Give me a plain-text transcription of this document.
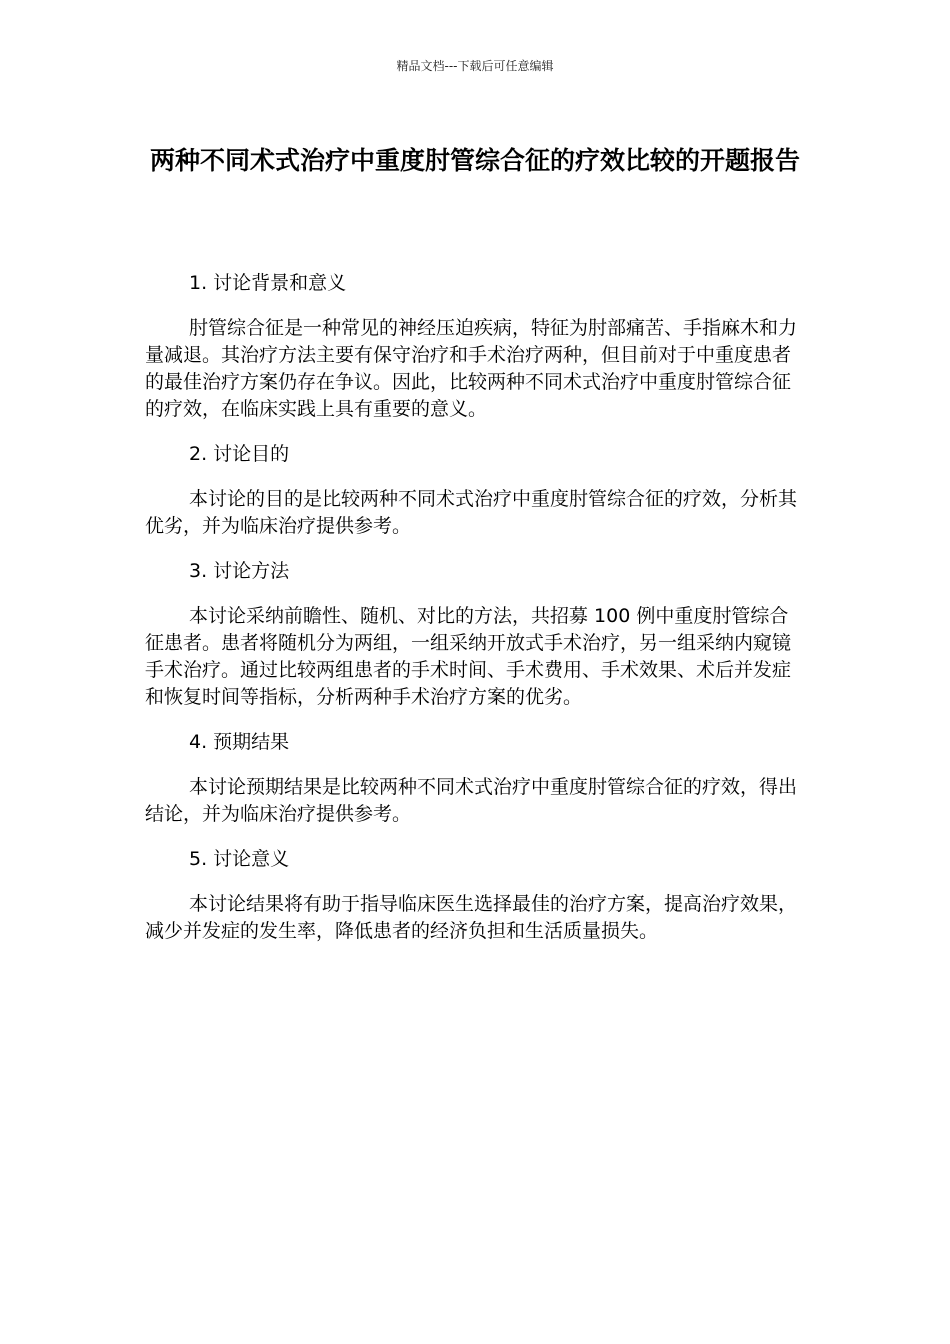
精品文档---下载后可任意编辑
两种不同术式治疗中重度肘管综合征的疗效比较的开题报告

1. 讨论背景和意义

肘管综合征是一种常见的神经压迫疾病，特征为肘部痛苦、手指麻木和力量减退。其治疗方法主要有保守治疗和手术治疗两种，但目前对于中重度患者的最佳治疗方案仍存在争议。因此，比较两种不同术式治疗中重度肘管综合征的疗效，在临床实践上具有重要的意义。

2. 讨论目的

本讨论的目的是比较两种不同术式治疗中重度肘管综合征的疗效，分析其优劣，并为临床治疗提供参考。

3. 讨论方法

本讨论采纳前瞻性、随机、对比的方法，共招募 100 例中重度肘管综合征患者。患者将随机分为两组，一组采纳开放式手术治疗，另一组采纳内窥镜手术治疗。通过比较两组患者的手术时间、手术费用、手术效果、术后并发症和恢复时间等指标，分析两种手术治疗方案的优劣。

4. 预期结果

本讨论预期结果是比较两种不同术式治疗中重度肘管综合征的疗效，得出结论，并为临床治疗提供参考。

5. 讨论意义

本讨论结果将有助于指导临床医生选择最佳的治疗方案，提高治疗效果，减少并发症的发生率，降低患者的经济负担和生活质量损失。
